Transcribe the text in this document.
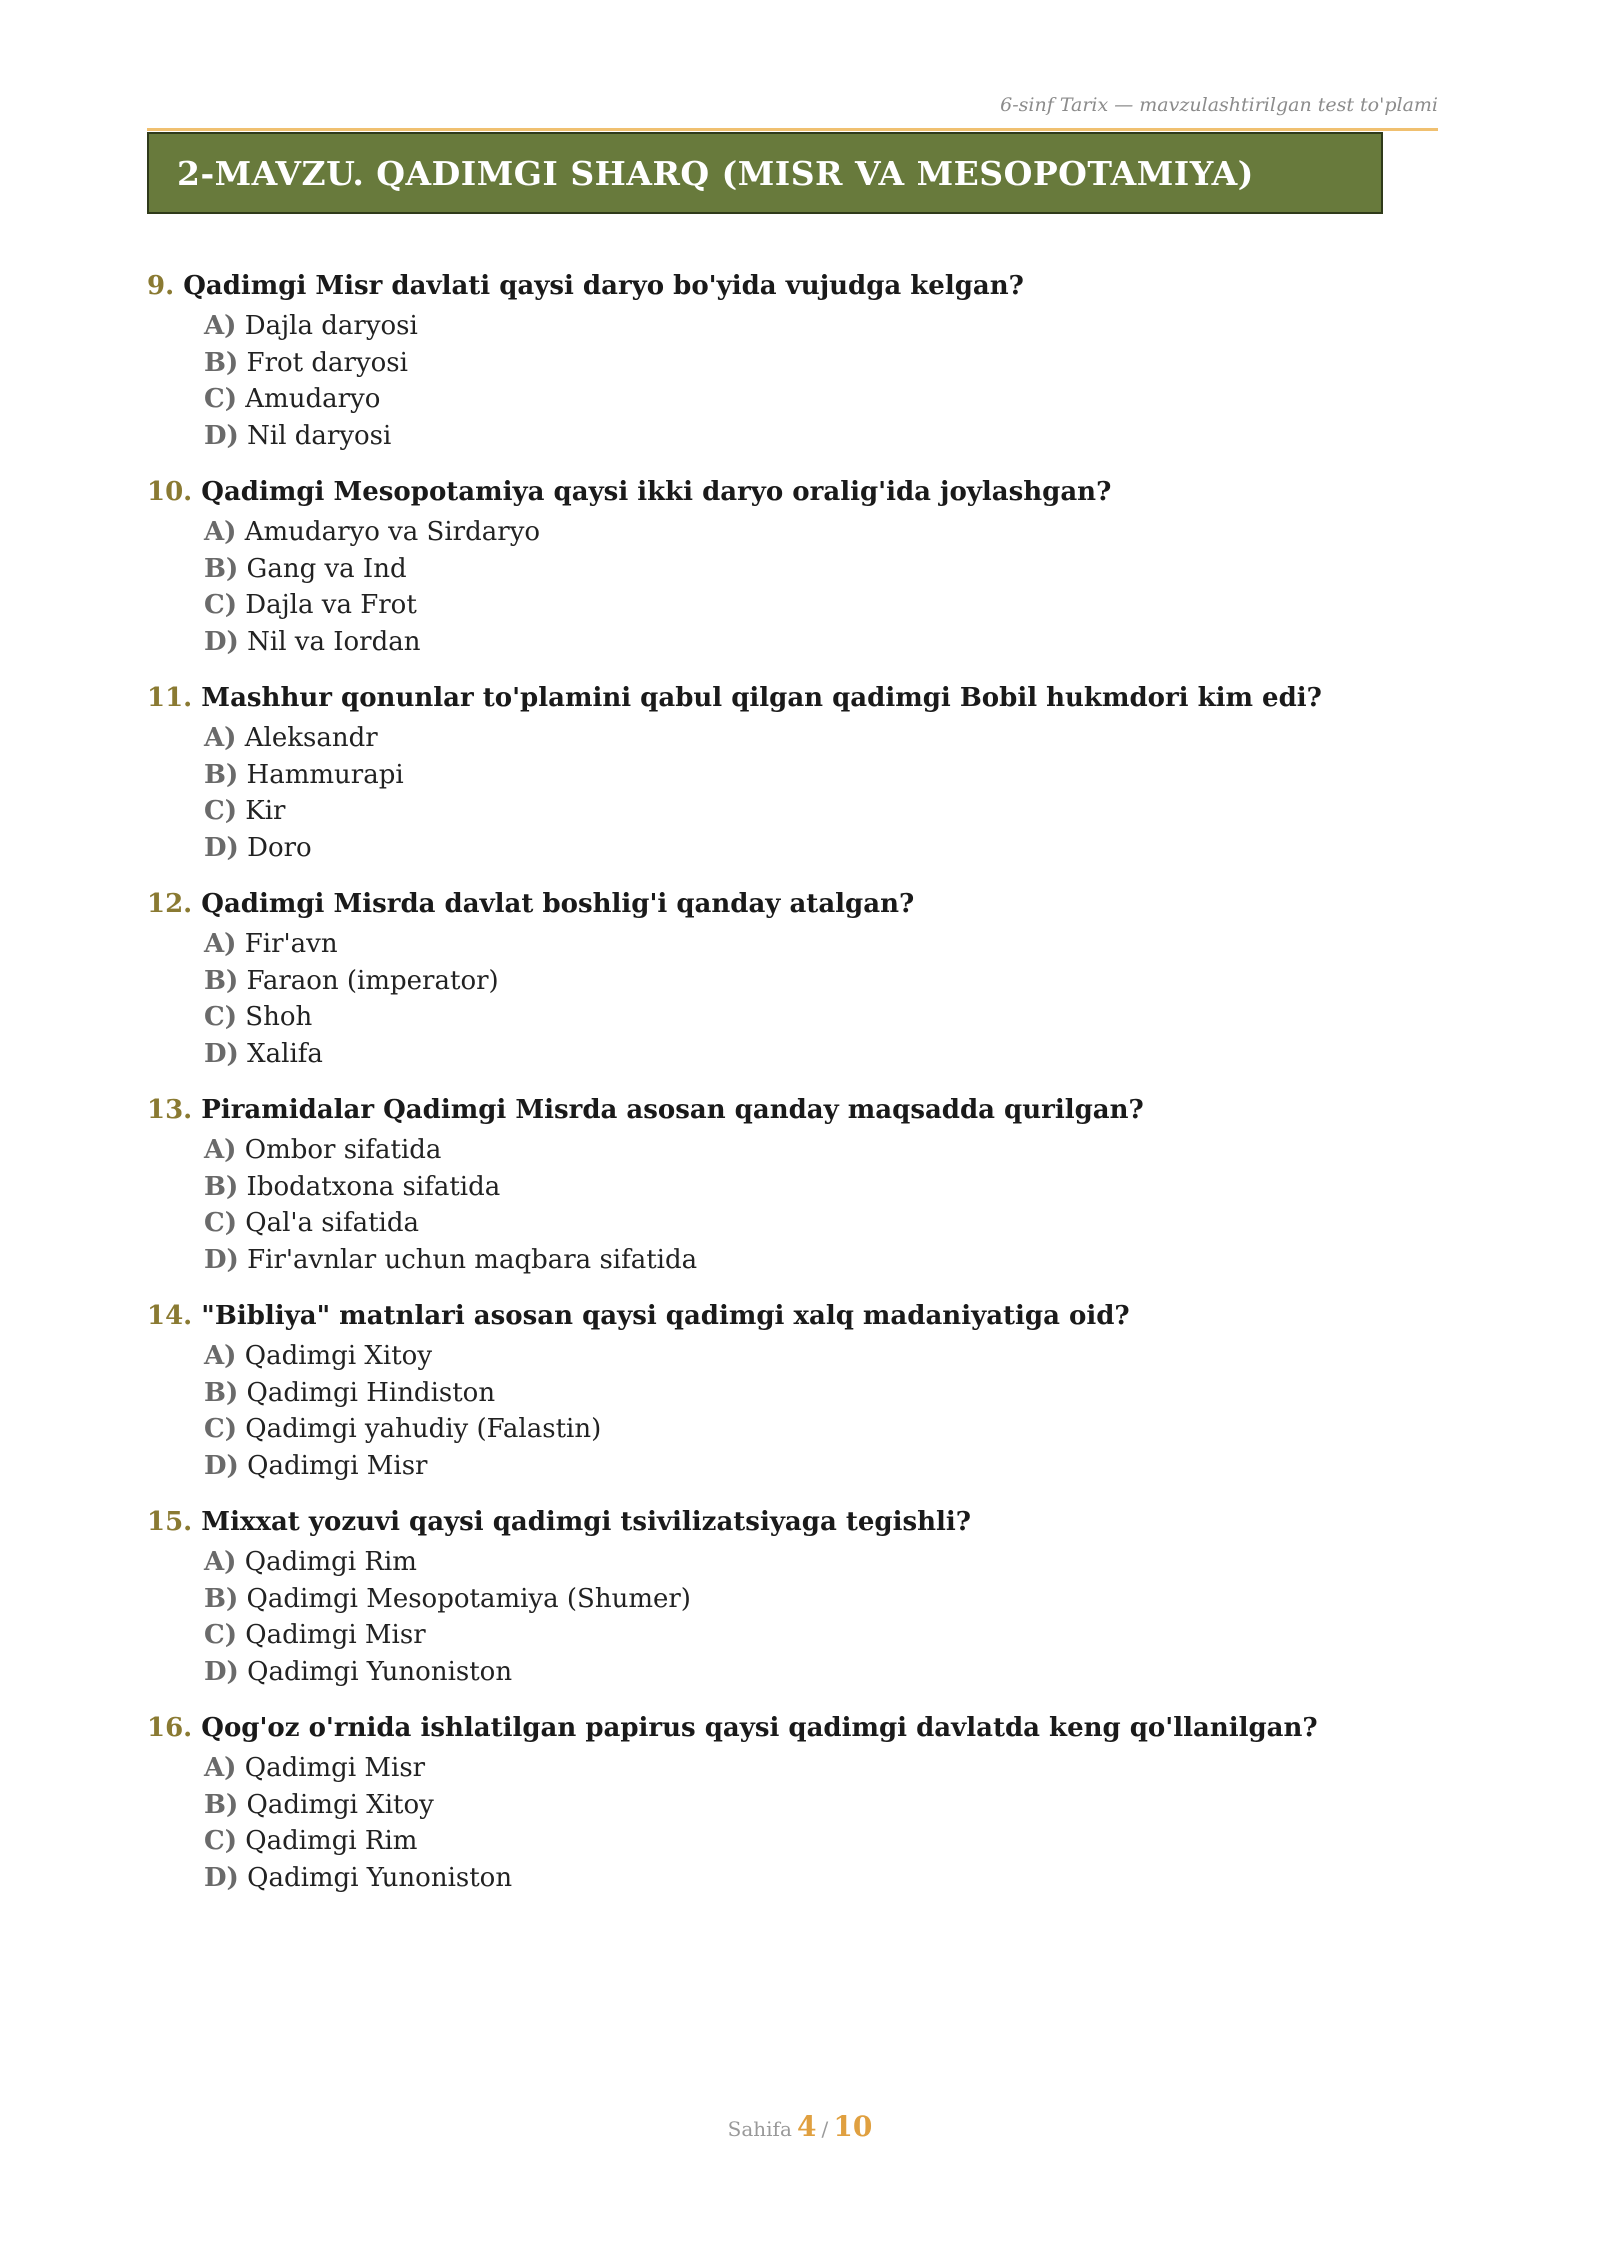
6-sinf Tarix — mavzulashtirilgan test to'plami
2-MAVZU. QADIMGI SHARQ (MISR VA MESOPOTAMIYA)
9. Qadimgi Misr davlati qaysi daryo bo'yida vujudga kelgan?
A) Dajla daryosi
B) Frot daryosi
C) Amudaryo
D) Nil daryosi
10. Qadimgi Mesopotamiya qaysi ikki daryo oralig'ida joylashgan?
A) Amudaryo va Sirdaryo
B) Gang va Ind
C) Dajla va Frot
D) Nil va Iordan
11. Mashhur qonunlar to'plamini qabul qilgan qadimgi Bobil hukmdori kim edi?
A) Aleksandr
B) Hammurapi
C) Kir
D) Doro
12. Qadimgi Misrda davlat boshlig'i qanday atalgan?
A) Fir'avn
B) Faraon (imperator)
C) Shoh
D) Xalifa
13. Piramidalar Qadimgi Misrda asosan qanday maqsadda qurilgan?
A) Ombor sifatida
B) Ibodatxona sifatida
C) Qal'a sifatida
D) Fir'avnlar uchun maqbara sifatida
14. "Bibliya" matnlari asosan qaysi qadimgi xalq madaniyatiga oid?
A) Qadimgi Xitoy
B) Qadimgi Hindiston
C) Qadimgi yahudiy (Falastin)
D) Qadimgi Misr
15. Mixxat yozuvi qaysi qadimgi tsivilizatsiyaga tegishli?
A) Qadimgi Rim
B) Qadimgi Mesopotamiya (Shumer)
C) Qadimgi Misr
D) Qadimgi Yunoniston
16. Qog'oz o'rnida ishlatilgan papirus qaysi qadimgi davlatda keng qo'llanilgan?
A) Qadimgi Misr
B) Qadimgi Xitoy
C) Qadimgi Rim
D) Qadimgi Yunoniston
Sahifa 4 / 10
